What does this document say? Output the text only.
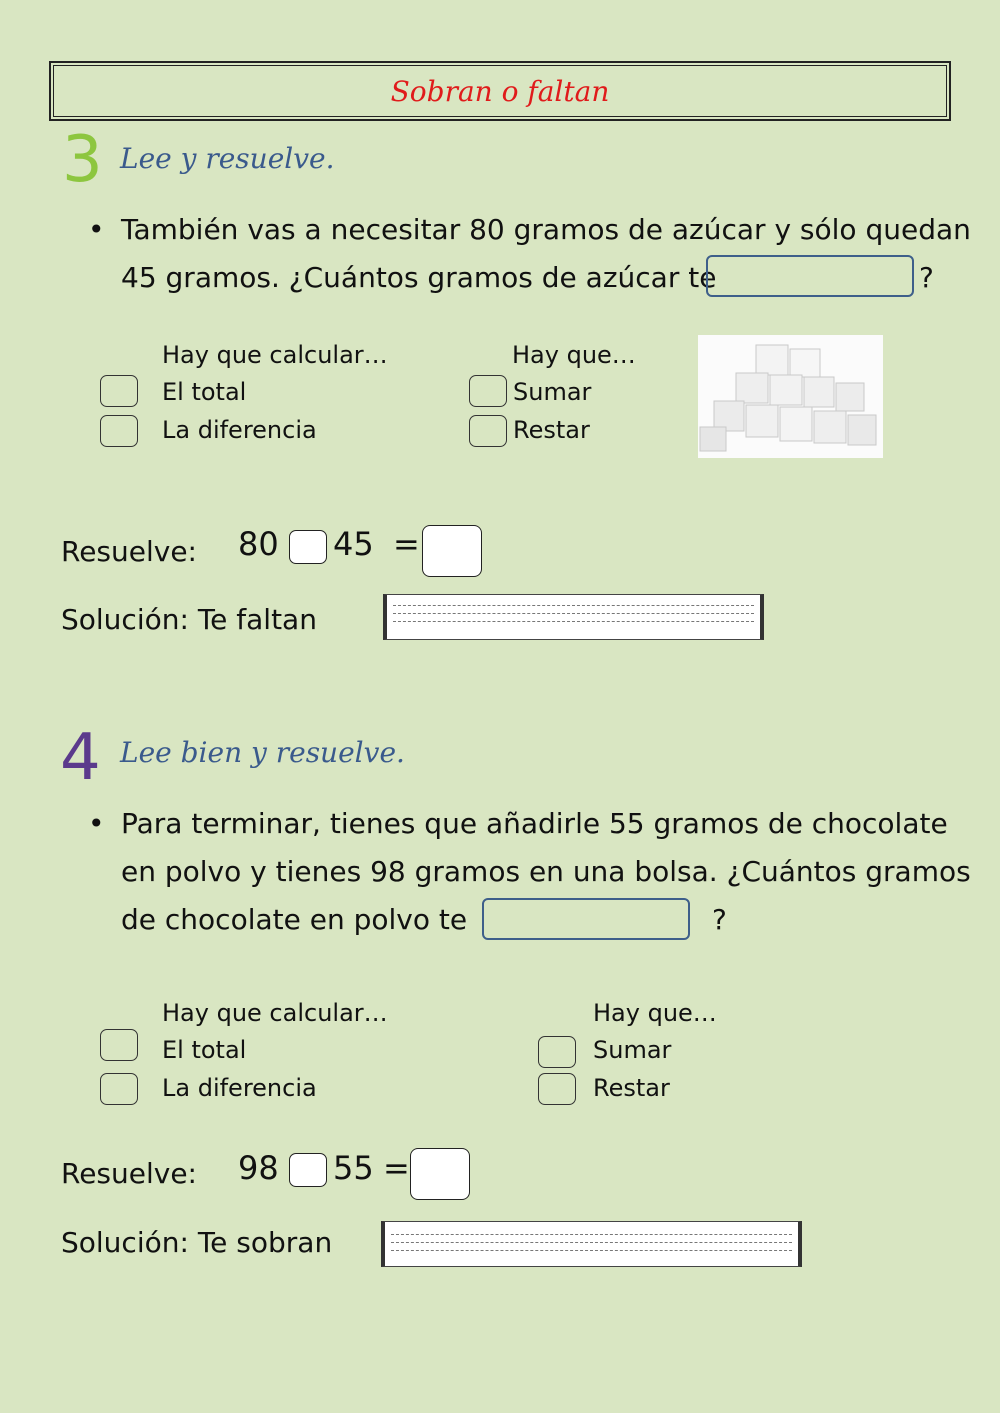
Sobran o faltan
3 Lee y resuelve.
• También vas a necesitar 80 gramos de azúcar y sólo quedan
45 gramos. ¿Cuántos gramos de azúcar te	?
Hay que calcular…
El total
La diferencia
Hay que…
Sumar
Restar
Resuelve: 80 45 =
Solución: Te faltan
4 Lee bien y resuelve.
• Para terminar, tienes que añadirle 55 gramos de chocolate
en polvo y tienes 98 gramos en una bolsa. ¿Cuántos gramos
de chocolate en polvo te	?
Hay que calcular…
El total
La diferencia
Hay que…
Sumar
Restar
Resuelve: 98 55 =
Solución: Te sobran
